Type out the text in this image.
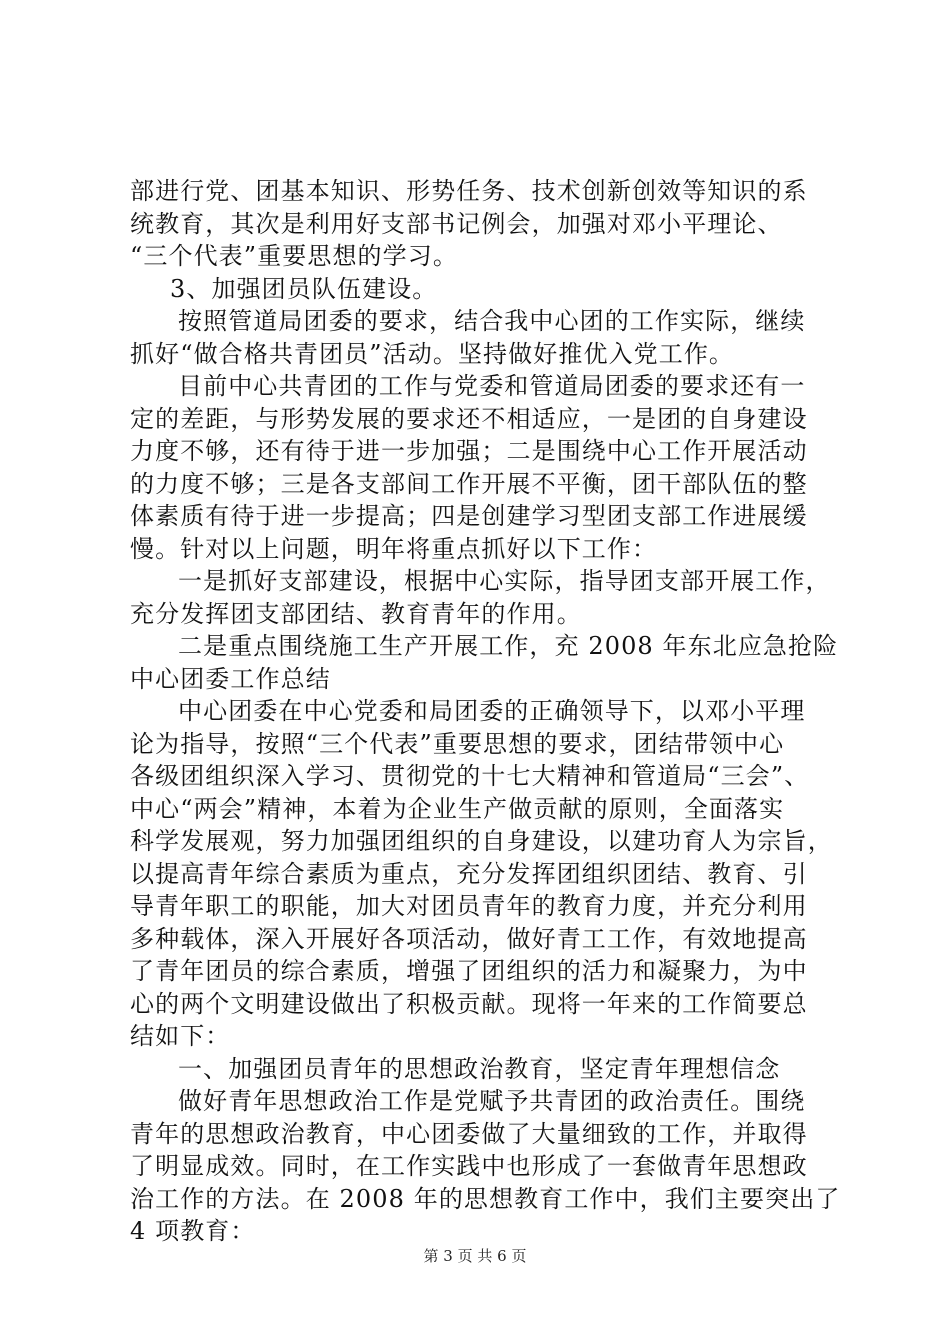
部进行党、团基本知识、形势任务、技术创新创效等知识的系
统教育，其次是利用好支部书记例会，加强对邓小平理论、
“三个代表”重要思想的学习。
3、加强团员队伍建设。
按照管道局团委的要求，结合我中心团的工作实际，继续
抓好“做合格共青团员”活动。坚持做好推优入党工作。
目前中心共青团的工作与党委和管道局团委的要求还有一
定的差距，与形势发展的要求还不相适应，一是团的自身建设
力度不够，还有待于进一步加强；二是围绕中心工作开展活动
的力度不够；三是各支部间工作开展不平衡，团干部队伍的整
体素质有待于进一步提高；四是创建学习型团支部工作进展缓
慢。针对以上问题，明年将重点抓好以下工作：
一是抓好支部建设，根据中心实际，指导团支部开展工作，
充分发挥团支部团结、教育青年的作用。
二是重点围绕施工生产开展工作，充 2008 年东北应急抢险
中心团委工作总结
中心团委在中心党委和局团委的正确领导下，以邓小平理
论为指导，按照“三个代表”重要思想的要求，团结带领中心
各级团组织深入学习、贯彻党的十七大精神和管道局“三会”、
中心“两会”精神，本着为企业生产做贡献的原则，全面落实
科学发展观，努力加强团组织的自身建设，以建功育人为宗旨，
以提高青年综合素质为重点，充分发挥团组织团结、教育、引
导青年职工的职能，加大对团员青年的教育力度，并充分利用
多种载体，深入开展好各项活动，做好青工工作，有效地提高
了青年团员的综合素质，增强了团组织的活力和凝聚力，为中
心的两个文明建设做出了积极贡献。现将一年来的工作简要总
结如下：
一、加强团员青年的思想政治教育，坚定青年理想信念
做好青年思想政治工作是党赋予共青团的政治责任。围绕
青年的思想政治教育，中心团委做了大量细致的工作，并取得
了明显成效。同时，在工作实践中也形成了一套做青年思想政
治工作的方法。在 2008 年的思想教育工作中，我们主要突出了
4 项教育：
第 3 页 共 6 页
